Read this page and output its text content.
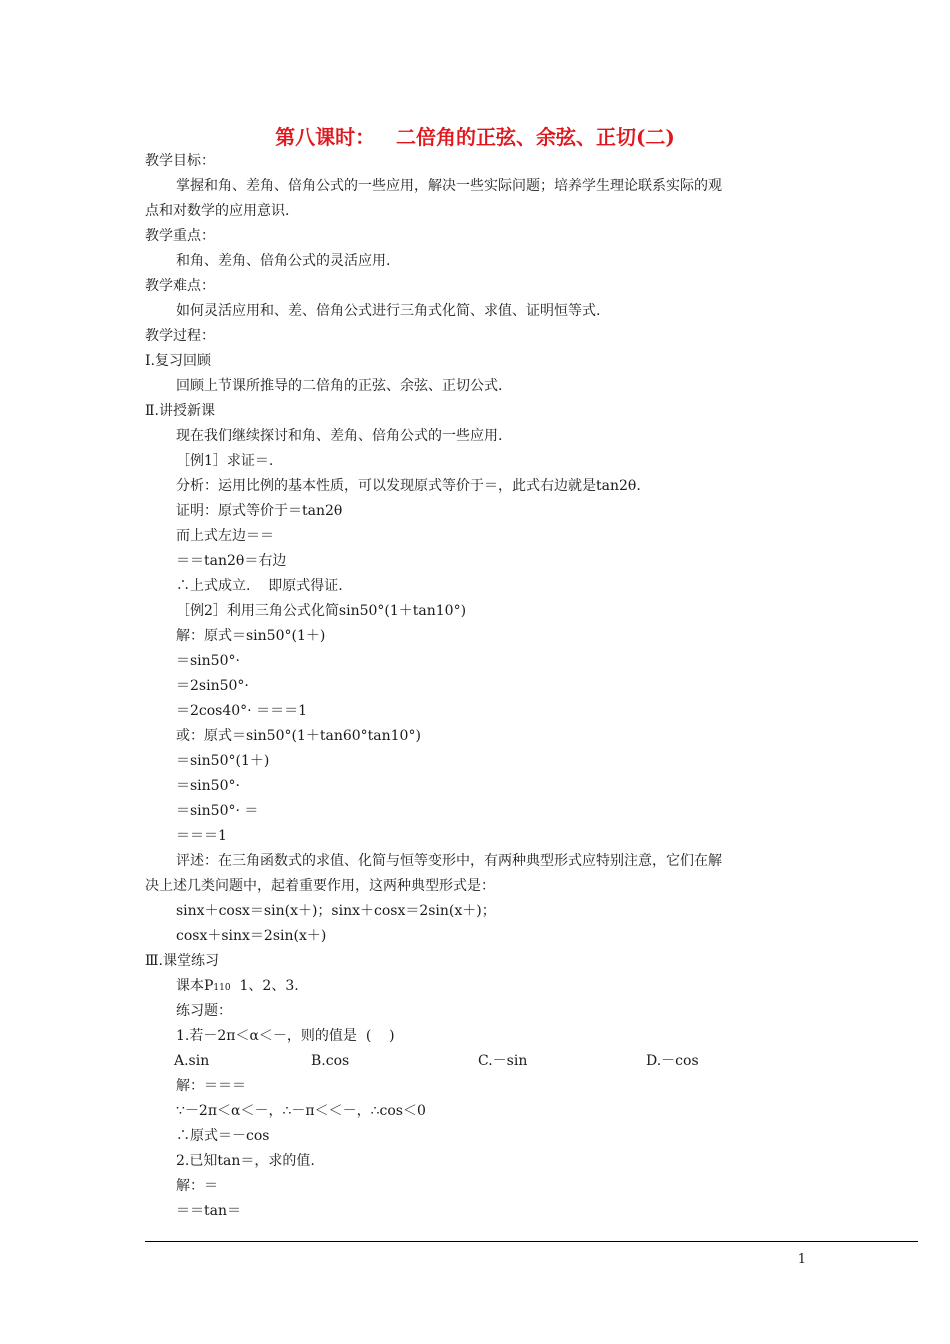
第八课时：   二倍角的正弦、余弦、正切(二)
教学目标：
掌握和角、差角、倍角公式的一些应用，解决一些实际问题；培养学生理论联系实际的观
点和对数学的应用意识.
教学重点：
和角、差角、倍角公式的灵活应用.
教学难点：
如何灵活应用和、差、倍角公式进行三角式化简、求值、证明恒等式.
教学过程：
Ⅰ.复习回顾
回顾上节课所推导的二倍角的正弦、余弦、正切公式.
Ⅱ.讲授新课
现在我们继续探讨和角、差角、倍角公式的一些应用.
［例1］求证＝.
分析：运用比例的基本性质，可以发现原式等价于＝，此式右边就是tan2θ.
证明：原式等价于＝tan2θ
而上式左边＝＝
＝＝tan2θ＝右边
∴上式成立.    即原式得证.
［例2］利用三角公式化简sin50°(1＋tan10°)
解：原式＝sin50°(1＋)
＝sin50°·
＝2sin50°·
＝2cos40°· ＝＝＝1
或：原式＝sin50°(1＋tan60°tan10°)
＝sin50°(1＋)
＝sin50°·
＝sin50°· ＝
＝＝＝1
评述：在三角函数式的求值、化简与恒等变形中，有两种典型形式应特别注意，它们在解
决上述几类问题中，起着重要作用，这两种典型形式是：
sinx＋cosx＝sin(x＋)；sinx＋cosx＝2sin(x＋)；
cosx＋sinx＝2sin(x＋)
Ⅲ.课堂练习
课本P110  1、2、3.
练习题：
1.若－2π＜α＜－，则的值是  (    )
A.sin	B.cos	C.－sin	D.－cos
解：＝＝＝
∵－2π＜α＜－，∴－π＜＜－，∴cos＜0
∴原式＝－cos
2.已知tan＝，求的值.
解：＝
＝＝tan＝
1
